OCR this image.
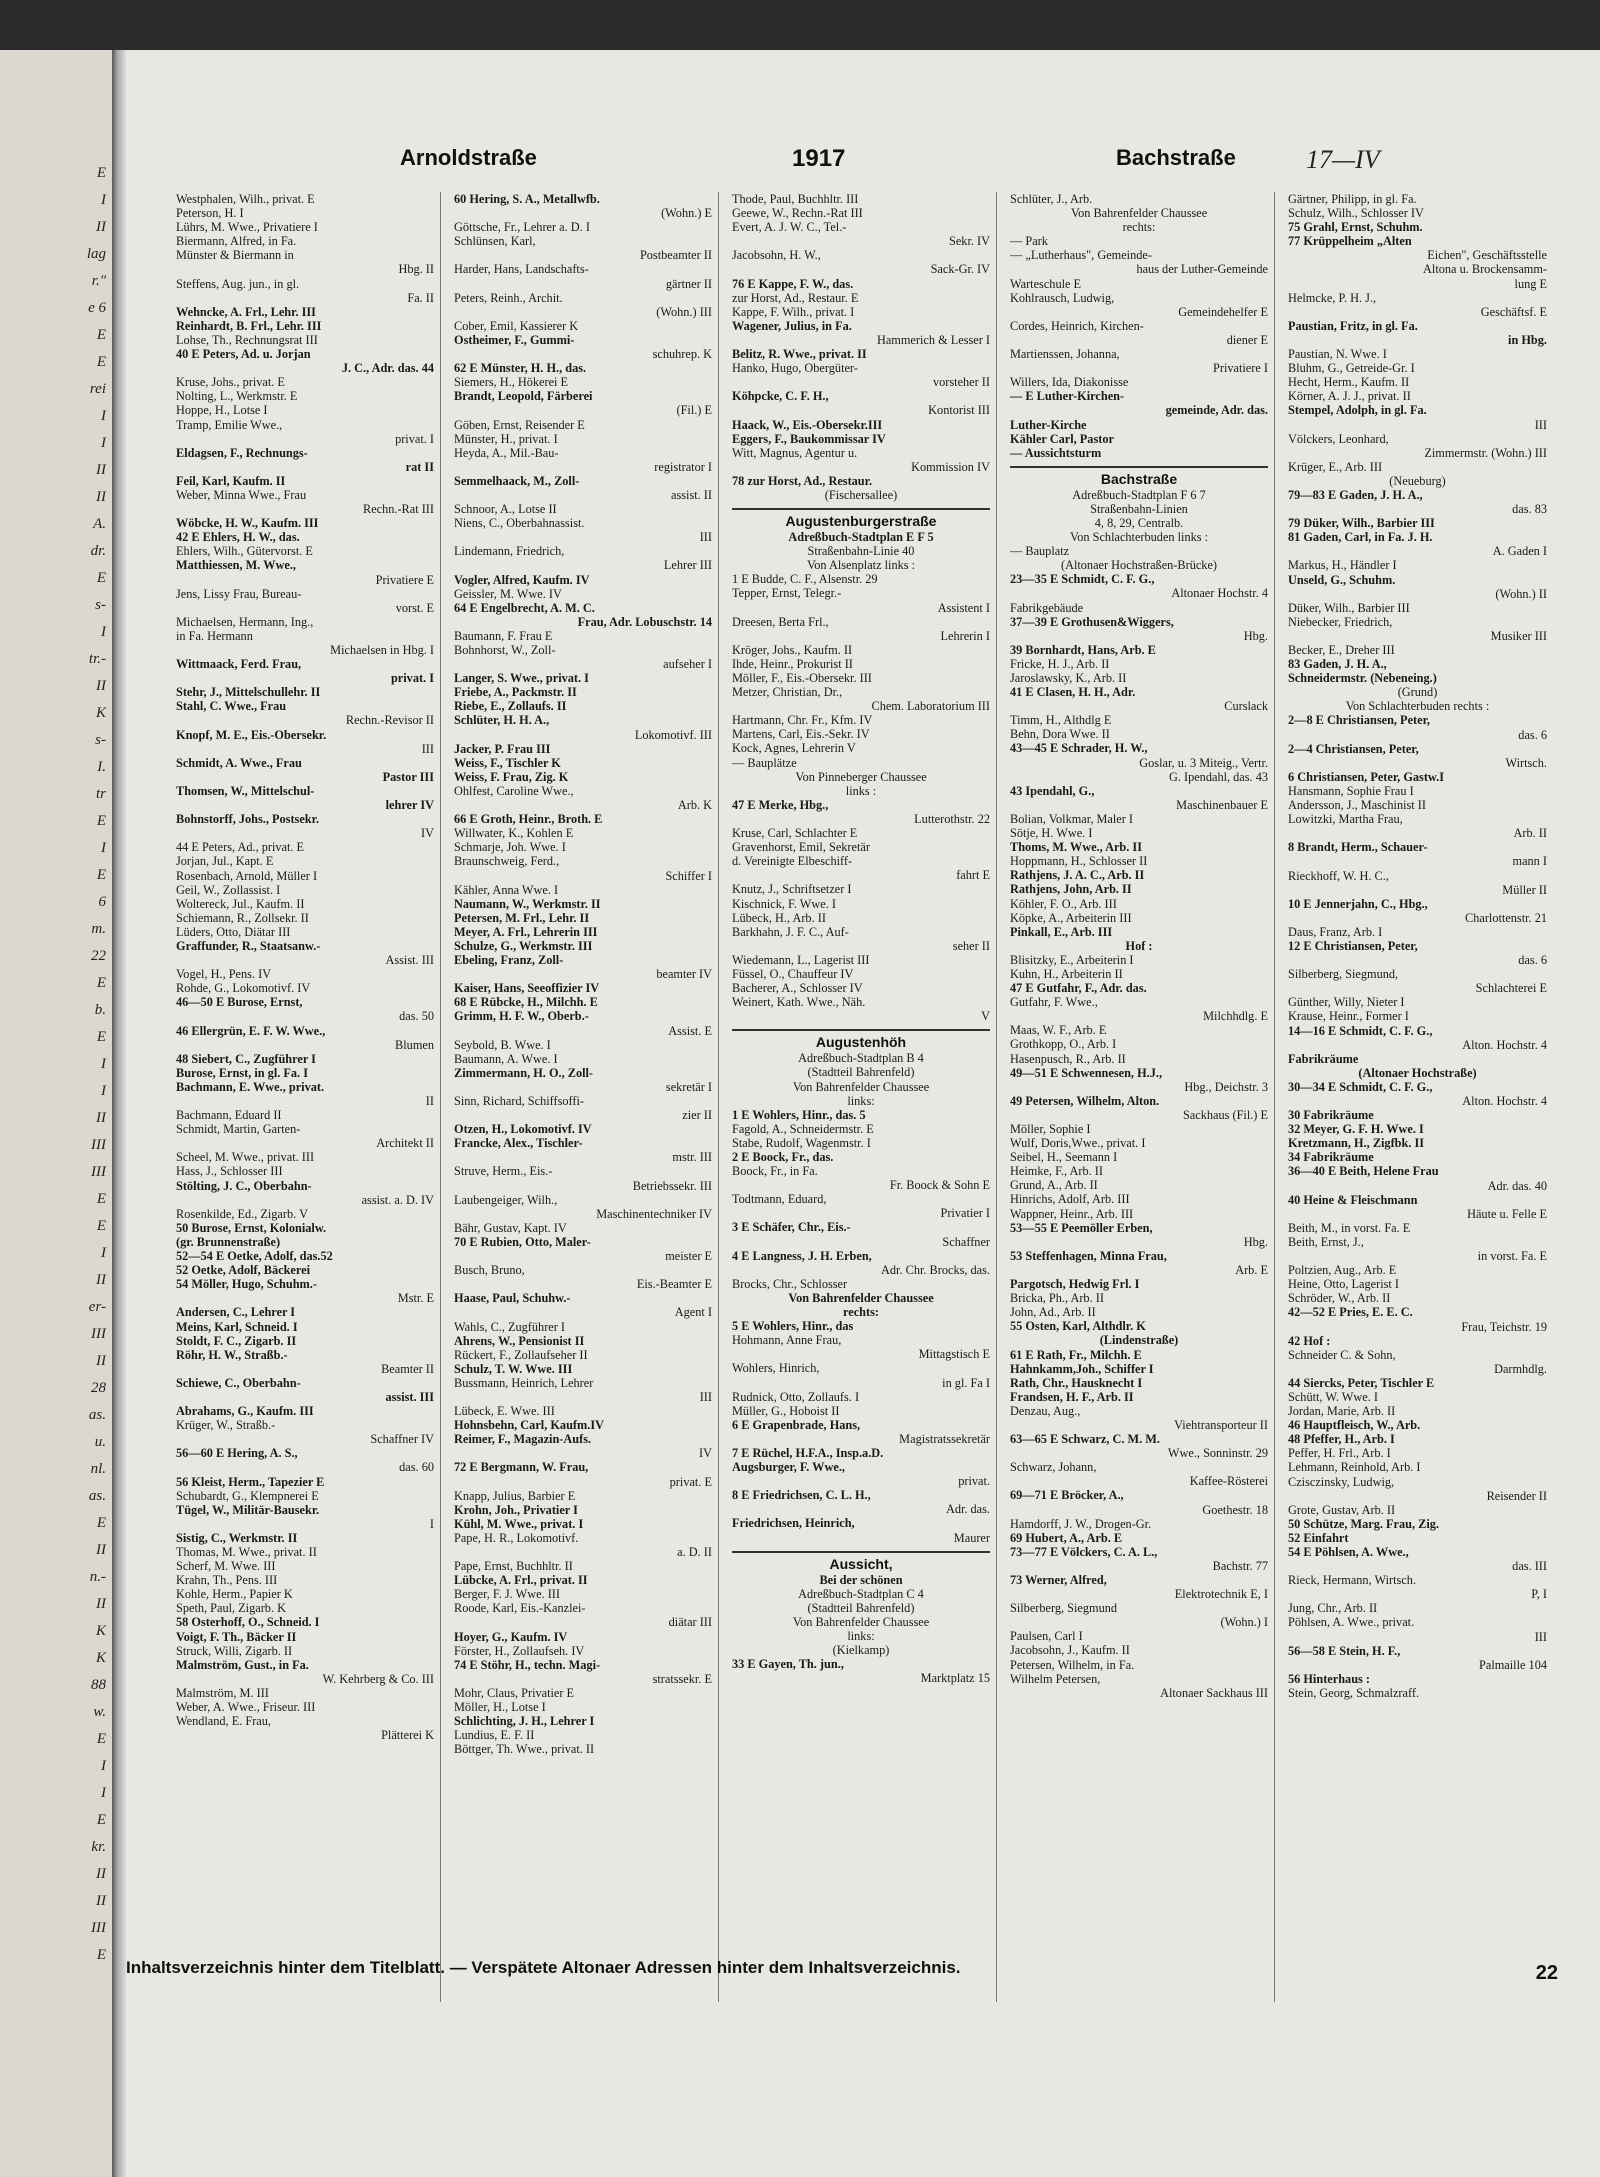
E
I
II
lag
r."
e 6
E
E
rei
I
I
II
II
A.
dr.
E
s-
I
tr.-
II
K
s-
I.
tr
E
I
E
6
m.
22
E
b.
E
I
I
II
III
III
E
E
I
II
er-
III
II
28
as.
u.
nl.
as.
E
II
n.-
II
K
K
88
w.
E
I
I
E
kr.
II
II
III
E
Arnoldstraße	1917	Bachstraße	17—IV
Westphalen, Wilh., privat. E
Peterson, H. I
Lührs, M. Wwe., Privatiere I
Biermann, Alfred, in Fa.
Münster & Biermann in
Hbg. II
Steffens, Aug. jun., in gl.
Fa. II
Wehncke, A. Frl., Lehr. III
Reinhardt, B. Frl., Lehr. III
Lohse, Th., Rechnungsrat III
40 E Peters, Ad. u. Jorjan
J. C., Adr. das. 44
Kruse, Johs., privat. E
Nolting, L., Werkmstr. E
Hoppe, H., Lotse I
Tramp, Emilie Wwe.,
privat. I
Eldagsen, F., Rechnungs-
rat II
Feil, Karl, Kaufm. II
Weber, Minna Wwe., Frau
Rechn.-Rat III
Wöbcke, H. W., Kaufm. III
42 E Ehlers, H. W., das.
Ehlers, Wilh., Gütervorst. E
Matthiessen, M. Wwe.,
Privatiere E
Jens, Lissy Frau, Bureau-
vorst. E
Michaelsen, Hermann, Ing.,
in Fa. Hermann
Michaelsen in Hbg. I
Wittmaack, Ferd. Frau,
privat. I
Stehr, J., Mittelschullehr. II
Stahl, C. Wwe., Frau
Rechn.-Revisor II
Knopf, M. E., Eis.-Obersekr.
III
Schmidt, A. Wwe., Frau
Pastor III
Thomsen, W., Mittelschul-
lehrer IV
Bohnstorff, Johs., Postsekr.
IV
44 E Peters, Ad., privat. E
Jorjan, Jul., Kapt. E
Rosenbach, Arnold, Müller I
Geil, W., Zollassist. I
Woltereck, Jul., Kaufm. II
Schiemann, R., Zollsekr. II
Lüders, Otto, Diätar III
Graffunder, R., Staatsanw.-
Assist. III
Vogel, H., Pens. IV
Rohde, G., Lokomotivf. IV
46—50 E Burose, Ernst,
das. 50
46 Ellergrün, E. F. W. Wwe.,
Blumen
48 Siebert, C., Zugführer I
Burose, Ernst, in gl. Fa. I
Bachmann, E. Wwe., privat.
II
Bachmann, Eduard II
Schmidt, Martin, Garten-
Architekt II
Scheel, M. Wwe., privat. III
Hass, J., Schlosser III
Stölting, J. C., Oberbahn-
assist. a. D. IV
Rosenkilde, Ed., Zigarb. V
50 Burose, Ernst, Kolonialw.
(gr. Brunnenstraße)
52—54 E Oetke, Adolf, das.52
52 Oetke, Adolf, Bäckerei
54 Möller, Hugo, Schuhm.-
Mstr. E
Andersen, C., Lehrer I
Meins, Karl, Schneid. I
Stoldt, F. C., Zigarb. II
Röhr, H. W., Straßb.-
Beamter II
Schiewe, C., Oberbahn-
assist. III
Abrahams, G., Kaufm. III
Krüger, W., Straßb.-
Schaffner IV
56—60 E Hering, A. S.,
das. 60
56 Kleist, Herm., Tapezier E
Schubardt, G., Klempnerei E
Tügel, W., Militär-Bausekr.
I
Sistig, C., Werkmstr. II
Thomas, M. Wwe., privat. II
Scherf, M. Wwe. III
Krahn, Th., Pens. III
Kohle, Herm., Papier K
Speth, Paul, Zigarb. K
58 Osterhoff, O., Schneid. I
Voigt, F. Th., Bäcker II
Struck, Willi, Zigarb. II
Malmström, Gust., in Fa.
W. Kehrberg & Co. III
Malmström, M. III
Weber, A. Wwe., Friseur. III
Wendland, E. Frau,
Plätterei K
60 Hering, S. A., Metallwfb.
(Wohn.) E
Göttsche, Fr., Lehrer a. D. I
Schlünsen, Karl,
Postbeamter II
Harder, Hans, Landschafts-
gärtner II
Peters, Reinh., Archit.
(Wohn.) III
Cober, Emil, Kassierer K
Ostheimer, F., Gummi-
schuhrep. K
62 E Münster, H. H., das.
Siemers, H., Hökerei E
Brandt, Leopold, Färberei
(Fil.) E
Göben, Ernst, Reisender E
Münster, H., privat. I
Heyda, A., Mil.-Bau-
registrator I
Semmelhaack, M., Zoll-
assist. II
Schnoor, A., Lotse II
Niens, C., Oberbahnassist.
III
Lindemann, Friedrich,
Lehrer III
Vogler, Alfred, Kaufm. IV
Geissler, M. Wwe. IV
64 E Engelbrecht, A. M. C.
Frau, Adr. Lobuschstr. 14
Baumann, F. Frau E
Bohnhorst, W., Zoll-
aufseher I
Langer, S. Wwe., privat. I
Friebe, A., Packmstr. II
Riebe, E., Zollaufs. II
Schlüter, H. H. A.,
Lokomotivf. III
Jacker, P. Frau III
Weiss, F., Tischler K
Weiss, F. Frau, Zig. K
Ohlfest, Caroline Wwe.,
Arb. K
66 E Groth, Heinr., Broth. E
Willwater, K., Kohlen E
Schmarje, Joh. Wwe. I
Braunschweig, Ferd.,
Schiffer I
Kähler, Anna Wwe. I
Naumann, W., Werkmstr. II
Petersen, M. Frl., Lehr. II
Meyer, A. Frl., Lehrerin III
Schulze, G., Werkmstr. III
Ebeling, Franz, Zoll-
beamter IV
Kaiser, Hans, Seeoffizier IV
68 E Rübcke, H., Milchh. E
Grimm, H. F. W., Oberb.-
Assist. E
Seybold, B. Wwe. I
Baumann, A. Wwe. I
Zimmermann, H. O., Zoll-
sekretär I
Sinn, Richard, Schiffsoffi-
zier II
Otzen, H., Lokomotivf. IV
Francke, Alex., Tischler-
mstr. III
Struve, Herm., Eis.-
Betriebssekr. III
Laubengeiger, Wilh.,
Maschinentechniker IV
Bähr, Gustav, Kapt. IV
70 E Rubien, Otto, Maler-
meister E
Busch, Bruno,
Eis.-Beamter E
Haase, Paul, Schuhw.-
Agent I
Wahls, C., Zugführer I
Ahrens, W., Pensionist II
Rückert, F., Zollaufseher II
Schulz, T. W. Wwe. III
Bussmann, Heinrich, Lehrer
III
Lübeck, E. Wwe. III
Hohnsbehn, Carl, Kaufm.IV
Reimer, F., Magazin-Aufs.
IV
72 E Bergmann, W. Frau,
privat. E
Knapp, Julius, Barbier E
Krohn, Joh., Privatier I
Kühl, M. Wwe., privat. I
Pape, H. R., Lokomotivf.
a. D. II
Pape, Ernst, Buchhltr. II
Lübcke, A. Frl., privat. II
Berger, F. J. Wwe. III
Roode, Karl, Eis.-Kanzlei-
diätar III
Hoyer, G., Kaufm. IV
Förster, H., Zollaufseh. IV
74 E Stöhr, H., techn. Magi-
stratssekr. E
Mohr, Claus, Privatier E
Möller, H., Lotse I
Schlichting, J. H., Lehrer I
Lundius, E. F. II
Böttger, Th. Wwe., privat. II
Thode, Paul, Buchhltr. III
Geewe, W., Rechn.-Rat III
Evert, A. J. W. C., Tel.-
Sekr. IV
Jacobsohn, H. W.,
Sack-Gr. IV
76 E Kappe, F. W., das.
zur Horst, Ad., Restaur. E
Kappe, F. Wilh., privat. I
Wagener, Julius, in Fa.
Hammerich & Lesser I
Belitz, R. Wwe., privat. II
Hanko, Hugo, Obergüter-
vorsteher II
Köhpcke, C. F. H.,
Kontorist III
Haack, W., Eis.-Obersekr.III
Eggers, F., Baukommissar IV
Witt, Magnus, Agentur u.
Kommission IV
78 zur Horst, Ad., Restaur.
(Fischersallee)
Augustenburgerstraße
Adreßbuch-Stadtplan E F 5
Straßenbahn-Linie 40
Von Alsenplatz links :
1 E Budde, C. F., Alsenstr. 29
Tepper, Ernst, Telegr.-
Assistent I
Dreesen, Berta Frl.,
Lehrerin I
Kröger, Johs., Kaufm. II
Ihde, Heinr., Prokurist II
Möller, F., Eis.-Obersekr. III
Metzer, Christian, Dr.,
Chem. Laboratorium III
Hartmann, Chr. Fr., Kfm. IV
Martens, Carl, Eis.-Sekr. IV
Kock, Agnes, Lehrerin V
— Bauplätze
Von Pinneberger Chaussee
links :
47 E Merke, Hbg.,
Lutterothstr. 22
Kruse, Carl, Schlachter E
Gravenhorst, Emil, Sekretär
d. Vereinigte Elbeschiff-
fahrt E
Knutz, J., Schriftsetzer I
Kischnick, F. Wwe. I
Lübeck, H., Arb. II
Barkhahn, J. F. C., Auf-
seher II
Wiedemann, L., Lagerist III
Füssel, O., Chauffeur IV
Bacherer, A., Schlosser IV
Weinert, Kath. Wwe., Näh.
V
Augustenhöh
Adreßbuch-Stadtplan B 4
(Stadtteil Bahrenfeld)
Von Bahrenfelder Chaussee
links:
1 E Wohlers, Hinr., das. 5
Fagold, A., Schneidermstr. E
Stabe, Rudolf, Wagenmstr. I
2 E Boock, Fr., das.
Boock, Fr., in Fa.
Fr. Boock & Sohn E
Todtmann, Eduard,
Privatier I
3 E Schäfer, Chr., Eis.-
Schaffner
4 E Langness, J. H. Erben,
Adr. Chr. Brocks, das.
Brocks, Chr., Schlosser
Von Bahrenfelder Chaussee
rechts:
5 E Wohlers, Hinr., das
Hohmann, Anne Frau,
Mittagstisch E
Wohlers, Hinrich,
in gl. Fa I
Rudnick, Otto, Zollaufs. I
Müller, G., Hoboist II
6 E Grapenbrade, Hans,
Magistratssekretär
7 E Rüchel, H.F.A., Insp.a.D.
Augsburger, F. Wwe.,
privat.
8 E Friedrichsen, C. L. H.,
Adr. das.
Friedrichsen, Heinrich,
Maurer
Aussicht,
Bei der schönen
Adreßbuch-Stadtplan C 4
(Stadtteil Bahrenfeld)
Von Bahrenfelder Chaussee
links:
(Kielkamp)
33 E Gayen, Th. jun.,
Marktplatz 15
Schlüter, J., Arb.
Von Bahrenfelder Chaussee
rechts:
— Park
— „Lutherhaus", Gemeinde-
haus der Luther-Gemeinde
Warteschule E
Kohlrausch, Ludwig,
Gemeindehelfer E
Cordes, Heinrich, Kirchen-
diener E
Martienssen, Johanna,
Privatiere I
Willers, Ida, Diakonisse
— E Luther-Kirchen-
gemeinde, Adr. das.
Luther-Kirche
Kähler Carl, Pastor
— Aussichtsturm
Bachstraße
Adreßbuch-Stadtplan F 6 7
Straßenbahn-Linien
4, 8, 29, Centralb.
Von Schlachterbuden links :
— Bauplatz
(Altonaer Hochstraßen-Brücke)
23—35 E Schmidt, C. F. G.,
Altonaer Hochstr. 4
Fabrikgebäude
37—39 E Grothusen&Wiggers,
Hbg.
39 Bornhardt, Hans, Arb. E
Fricke, H. J., Arb. II
Jaroslawsky, K., Arb. II
41 E Clasen, H. H., Adr.
Curslack
Timm, H., Althdlg E
Behn, Dora Wwe. II
43—45 E Schrader, H. W.,
Goslar, u. 3 Miteig., Vertr.
G. Ipendahl, das. 43
43 Ipendahl, G.,
Maschinenbauer E
Bolian, Volkmar, Maler I
Sötje, H. Wwe. I
Thoms, M. Wwe., Arb. II
Hoppmann, H., Schlosser II
Rathjens, J. A. C., Arb. II
Rathjens, John, Arb. II
Köhler, F. O., Arb. III
Köpke, A., Arbeiterin III
Pinkall, E., Arb. III
Hof :
Blisitzky, E., Arbeiterin I
Kuhn, H., Arbeiterin II
47 E Gutfahr, F., Adr. das.
Gutfahr, F. Wwe.,
Milchhdlg. E
Maas, W. F., Arb. E
Grothkopp, O., Arb. I
Hasenpusch, R., Arb. II
49—51 E Schwennesen, H.J.,
Hbg., Deichstr. 3
49 Petersen, Wilhelm, Alton.
Sackhaus (Fil.) E
Möller, Sophie I
Wulf, Doris,Wwe., privat. I
Seibel, H., Seemann I
Heimke, F., Arb. II
Grund, A., Arb. II
Hinrichs, Adolf, Arb. III
Wappner, Heinr., Arb. III
53—55 E Peemöller Erben,
Hbg.
53 Steffenhagen, Minna Frau,
Arb. E
Pargotsch, Hedwig Frl. I
Bricka, Ph., Arb. II
John, Ad., Arb. II
55 Osten, Karl, Althdlr. K
(Lindenstraße)
61 E Rath, Fr., Milchh. E
Hahnkamm,Joh., Schiffer I
Rath, Chr., Hausknecht I
Frandsen, H. F., Arb. II
Denzau, Aug.,
Viehtransporteur II
63—65 E Schwarz, C. M. M.
Wwe., Sonninstr. 29
Schwarz, Johann,
Kaffee-Rösterei
69—71 E Bröcker, A.,
Goethestr. 18
Hamdorff, J. W., Drogen-Gr.
69 Hubert, A., Arb. E
73—77 E Völckers, C. A. L.,
Bachstr. 77
73 Werner, Alfred,
Elektrotechnik E, I
Silberberg, Siegmund
(Wohn.) I
Paulsen, Carl I
Jacobsohn, J., Kaufm. II
Petersen, Wilhelm, in Fa.
Wilhelm Petersen,
Altonaer Sackhaus III
Gärtner, Philipp, in gl. Fa.
Schulz, Wilh., Schlosser IV
75 Grahl, Ernst, Schuhm.
77 Krüppelheim „Alten
Eichen", Geschäftsstelle
Altona u. Brockensamm-
lung E
Helmcke, P. H. J.,
Geschäftsf. E
Paustian, Fritz, in gl. Fa.
in Hbg.
Paustian, N. Wwe. I
Bluhm, G., Getreide-Gr. I
Hecht, Herm., Kaufm. II
Körner, A. J. J., privat. II
Stempel, Adolph, in gl. Fa.
III
Völckers, Leonhard,
Zimmermstr. (Wohn.) III
Krüger, E., Arb. III
(Neueburg)
79—83 E Gaden, J. H. A.,
das. 83
79 Düker, Wilh., Barbier III
81 Gaden, Carl, in Fa. J. H.
A. Gaden I
Markus, H., Händler I
Unseld, G., Schuhm.
(Wohn.) II
Düker, Wilh., Barbier III
Niebecker, Friedrich,
Musiker III
Becker, E., Dreher III
83 Gaden, J. H. A.,
Schneidermstr. (Nebeneing.)
(Grund)
Von Schlachterbuden rechts :
2—8 E Christiansen, Peter,
das. 6
2—4 Christiansen, Peter,
Wirtsch.
6 Christiansen, Peter, Gastw.I
Hansmann, Sophie Frau I
Andersson, J., Maschinist II
Lowitzki, Martha Frau,
Arb. II
8 Brandt, Herm., Schauer-
mann I
Rieckhoff, W. H. C.,
Müller II
10 E Jennerjahn, C., Hbg.,
Charlottenstr. 21
Daus, Franz, Arb. I
12 E Christiansen, Peter,
das. 6
Silberberg, Siegmund,
Schlachterei E
Günther, Willy, Nieter I
Krause, Heinr., Former I
14—16 E Schmidt, C. F. G.,
Alton. Hochstr. 4
Fabrikräume
(Altonaer Hochstraße)
30—34 E Schmidt, C. F. G.,
Alton. Hochstr. 4
30 Fabrikräume
32 Meyer, G. F. H. Wwe. I
Kretzmann, H., Zigfbk. II
34 Fabrikräume
36—40 E Beith, Helene Frau
Adr. das. 40
40 Heine & Fleischmann
Häute u. Felle E
Beith, M., in vorst. Fa. E
Beith, Ernst, J.,
in vorst. Fa. E
Poltzien, Aug., Arb. E
Heine, Otto, Lagerist I
Schröder, W., Arb. II
42—52 E Pries, E. E. C.
Frau, Teichstr. 19
42 Hof :
Schneider C. & Sohn,
Darmhdlg.
44 Siercks, Peter, Tischler E
Schütt, W. Wwe. I
Jordan, Marie, Arb. II
46 Hauptfleisch, W., Arb.
48 Pfeffer, H., Arb. I
Peffer, H. Frl., Arb. I
Lehmann, Reinhold, Arb. I
Czisczinsky, Ludwig,
Reisender II
Grote, Gustav, Arb. II
50 Schütze, Marg. Frau, Zig.
52 Einfahrt
54 E Pöhlsen, A. Wwe.,
das. III
Rieck, Hermann, Wirtsch.
P, I
Jung, Chr., Arb. II
Pöhlsen, A. Wwe., privat.
III
56—58 E Stein, H. F.,
Palmaille 104
56 Hinterhaus :
Stein, Georg, Schmalzraff.
Inhaltsverzeichnis hinter dem Titelblatt. — Verspätete Altonaer Adressen hinter dem Inhaltsverzeichnis.	22
